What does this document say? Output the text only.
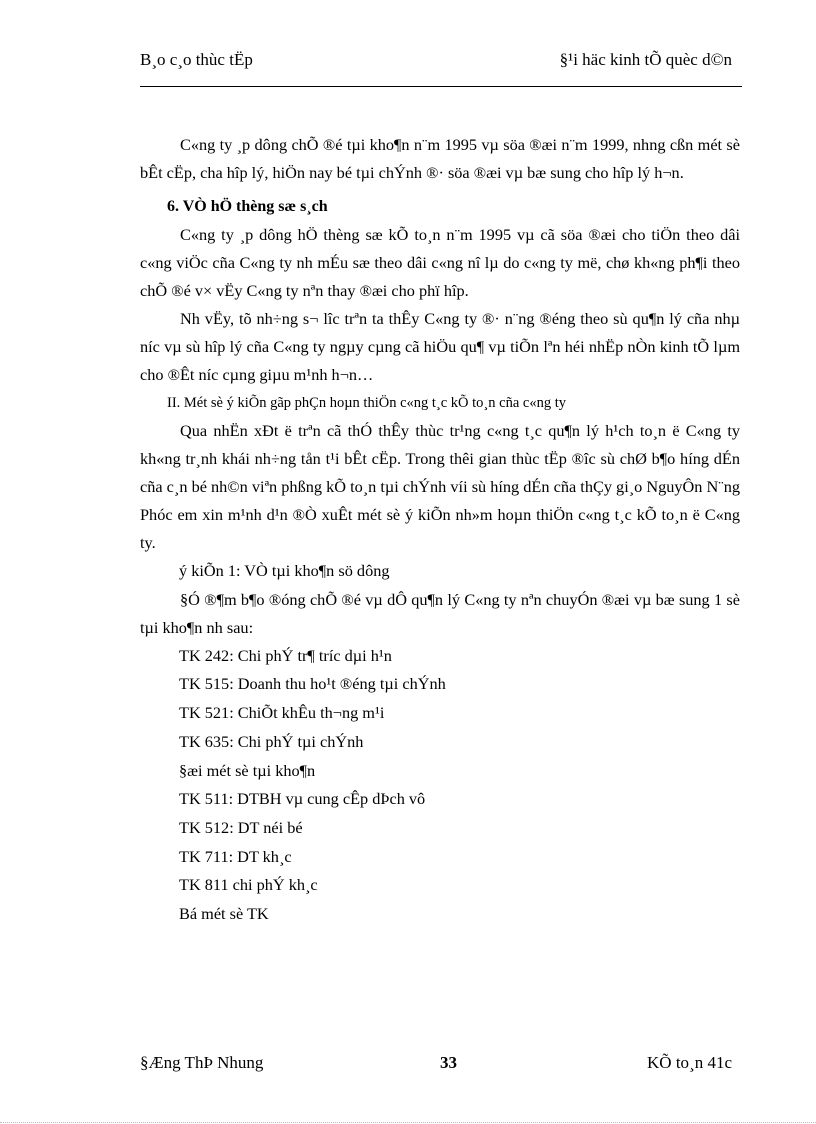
B¸o c¸o thùc tËp	§¹i häc kinh tÕ quèc d©n

C«ng ty ¸p dông chÕ ®é tµi kho¶n n¨m 1995 vµ söa ®æi n¨m 1999, nhng cßn mét sè bÊt cËp, cha hîp lý, hiÖn nay bé tµi chÝnh ®· söa ®æi vµ bæ sung cho hîp lý h¬n.

6. VÒ hÖ thèng sæ s¸ch

C«ng ty ¸p dông hÖ thèng sæ kÕ to¸n n¨m 1995 vµ cã söa ®æi cho tiÖn theo dâi c«ng viÖc cña C«ng ty nh mÉu sæ theo dâi c«ng nî lµ do c«ng ty më, chø kh«ng ph¶i theo chÕ ®é v× vËy C«ng ty nªn thay ®æi cho phï hîp.

Nh vËy, tõ nh÷ng s¬ lîc trªn ta thÊy C«ng ty ®· n¨ng ®éng theo sù qu¶n lý cña nhµ níc vµ sù hîp lý cña C«ng ty ngµy cµng cã hiÖu qu¶ vµ tiÕn lªn héi nhËp nÒn kinh tÕ lµm cho ®Êt níc cµng giµu m¹nh h¬n…

II. Mét sè ý kiÕn gãp phÇn hoµn thiÖn c«ng t¸c kÕ to¸n cña c«ng ty

Qua nhËn xÐt ë trªn cã thÓ thÊy thùc tr¹ng c«ng t¸c qu¶n lý h¹ch to¸n ë C«ng ty kh«ng tr¸nh khái nh÷ng tån t¹i bÊt cËp. Trong thêi gian thùc tËp ®îc sù chØ b¶o híng dÉn cña c¸n bé nh©n viªn phßng kÕ to¸n tµi chÝnh víi sù híng dÉn cña thÇy gi¸o NguyÔn N¨ng Phóc em xin m¹nh d¹n ®Ò xuÊt mét sè ý kiÕn nh»m hoµn thiÖn c«ng t¸c kÕ to¸n ë C«ng ty.

ý kiÕn 1: VÒ tµi kho¶n sö dông

§Ó ®¶m b¶o ®óng chÕ ®é vµ dÔ qu¶n lý C«ng ty nªn chuyÓn ®æi vµ bæ sung 1 sè tµi kho¶n nh sau:

TK 242: Chi phÝ tr¶ tríc dµi h¹n

TK 515: Doanh thu ho¹t ®éng tµi chÝnh

TK 521: ChiÕt khÊu th¬ng m¹i

TK 635: Chi phÝ tµi chÝnh

§æi mét sè tµi kho¶n

TK 511: DTBH vµ cung cÊp dÞch vô

TK 512: DT néi bé

TK 711: DT kh¸c

TK 811 chi phÝ kh¸c

Bá mét sè TK

§Æng ThÞ Nhung	33	KÕ to¸n 41c
